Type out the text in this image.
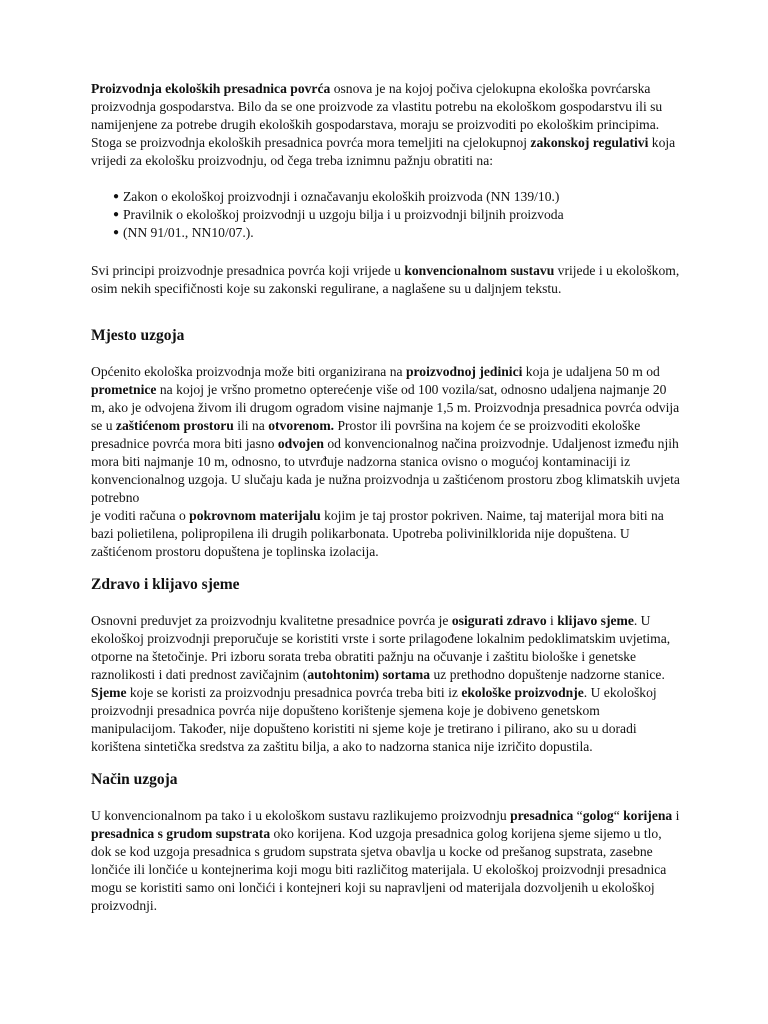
Proizvodnja ekoloških presadnica povrća osnova je na kojoj počiva cjelokupna ekološka povrćarska proizvodnja gospodarstva. Bilo da se one proizvode za vlastitu potrebu na ekološkom gospodarstvu ili su namijenjene za potrebe drugih ekoloških gospodarstava, moraju se proizvoditi po ekološkim principima. Stoga se proizvodnja ekoloških presadnica povrća mora temeljiti na cjelokupnoj zakonskoj regulativi koja vrijedi za ekološku proizvodnju, od čega treba iznimnu pažnju obratiti na:

● Zakon o ekološkoj proizvodnji i označavanju ekoloških proizvoda (NN 139/10.)
● Pravilnik o ekološkoj proizvodnji u uzgoju bilja i u proizvodnji biljnih proizvoda
● (NN 91/01., NN10/07.).

Svi principi proizvodnje presadnica povrća koji vrijede u konvencionalnom sustavu vrijede i u ekološkom, osim nekih specifičnosti koje su zakonski regulirane, a naglašene su u daljnjem tekstu.

Mjesto uzgoja

Općenito ekološka proizvodnja može biti organizirana na proizvodnoj jedinici koja je udaljena 50 m od prometnice na kojoj je vršno prometno opterećenje više od 100 vozila/sat, odnosno udaljena najmanje 20 m, ako je odvojena živom ili drugom ogradom visine najmanje 1,5 m. Proizvodnja presadnica povrća odvija se u zaštićenom prostoru ili na otvorenom. Prostor ili površina na kojem će se proizvoditi ekološke presadnice povrća mora biti jasno odvojen od konvencionalnog načina proizvodnje. Udaljenost između njih mora biti najmanje 10 m, odnosno, to utvrđuje nadzorna stanica ovisno o mogućoj kontaminaciji iz konvencionalnog uzgoja. U slučaju kada je nužna proizvodnja u zaštićenom prostoru zbog klimatskih uvjeta potrebno
je voditi računa o pokrovnom materijalu kojim je taj prostor pokriven. Naime, taj materijal mora biti na bazi polietilena, polipropilena ili drugih polikarbonata. Upotreba polivinilklorida nije dopuštena. U zaštićenom prostoru dopuštena je toplinska izolacija.

Zdravo i klijavo sjeme

Osnovni preduvjet za proizvodnju kvalitetne presadnice povrća je osigurati zdravo i klijavo sjeme. U ekološkoj proizvodnji preporučuje se koristiti vrste i sorte prilagođene lokalnim pedoklimatskim uvjetima, otporne na štetočinje. Pri izboru sorata treba obratiti pažnju na očuvanje i zaštitu biološke i genetske raznolikosti i dati prednost zavičajnim (autohtonim) sortama uz prethodno dopuštenje nadzorne stanice. Sjeme koje se koristi za proizvodnju presadnica povrća treba biti iz ekološke proizvodnje. U ekološkoj proizvodnji presadnica povrća nije dopušteno korištenje sjemena koje je dobiveno genetskom manipulacijom. Također, nije dopušteno koristiti ni sjeme koje je tretirano i pilirano, ako su u doradi korištena sintetička sredstva za zaštitu bilja, a ako to nadzorna stanica nije izričito dopustila.

Način uzgoja

U konvencionalnom pa tako i u ekološkom sustavu razlikujemo proizvodnju presadnica “golog“ korijena i presadnica s grudom supstrata oko korijena. Kod uzgoja presadnica golog korijena sjeme sijemo u tlo, dok se kod uzgoja presadnica s grudom supstrata sjetva obavlja u kocke od prešanog supstrata, zasebne lončiće ili lončiće u kontejnerima koji mogu biti različitog materijala. U ekološkoj proizvodnji presadnica mogu se koristiti samo oni lončići i kontejneri koji su napravljeni od materijala dozvoljenih u ekološkoj proizvodnji.
